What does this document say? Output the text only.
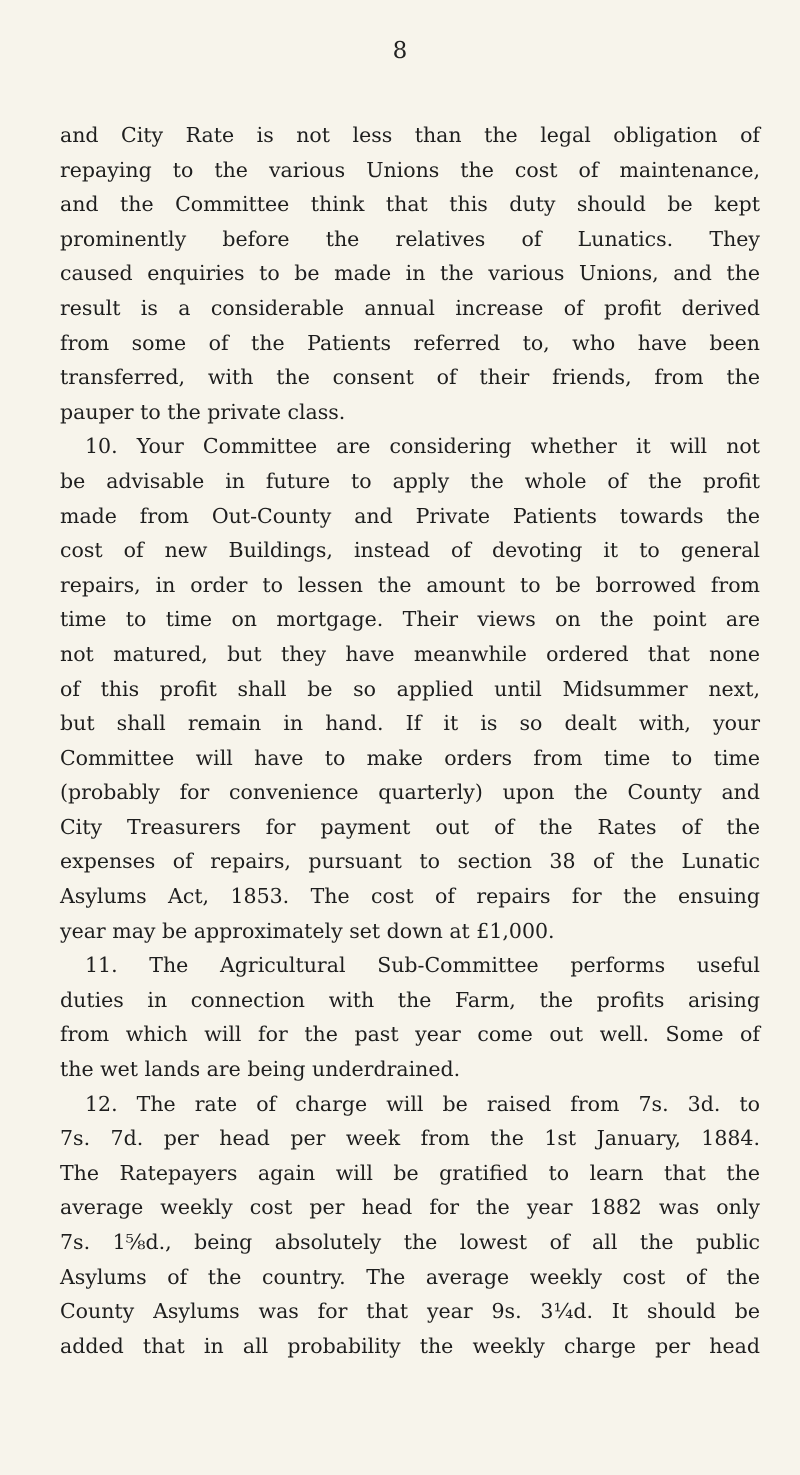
8
and City Rate is not less than the legal obligation of
repaying to the various Unions the cost of maintenance,
and the Committee think that this duty should be kept
prominently before the relatives of Lunatics. They
caused enquiries to be made in the various Unions, and the
result is a considerable annual increase of profit derived
from some of the Patients referred to, who have been
transferred, with the consent of their friends, from the
pauper to the private class.
10. Your Committee are considering whether it will not
be advisable in future to apply the whole of the profit
made from Out-County and Private Patients towards the
cost of new Buildings, instead of devoting it to general
repairs, in order to lessen the amount to be borrowed from
time to time on mortgage. Their views on the point are
not matured, but they have meanwhile ordered that none
of this profit shall be so applied until Midsummer next,
but shall remain in hand. If it is so dealt with, your
Committee will have to make orders from time to time
(probably for convenience quarterly) upon the County and
City Treasurers for payment out of the Rates of the
expenses of repairs, pursuant to section 38 of the Lunatic
Asylums Act, 1853. The cost of repairs for the ensuing
year may be approximately set down at £1,000.
11. The Agricultural Sub-Committee performs useful
duties in connection with the Farm, the profits arising
from which will for the past year come out well. Some of
the wet lands are being underdrained.
12. The rate of charge will be raised from 7s. 3d. to
7s. 7d. per head per week from the 1st January, 1884.
The Ratepayers again will be gratified to learn that the
average weekly cost per head for the year 1882 was only
7s. 1⅝d., being absolutely the lowest of all the public
Asylums of the country. The average weekly cost of the
County Asylums was for that year 9s. 3¼d. It should be
added that in all probability the weekly charge per head
